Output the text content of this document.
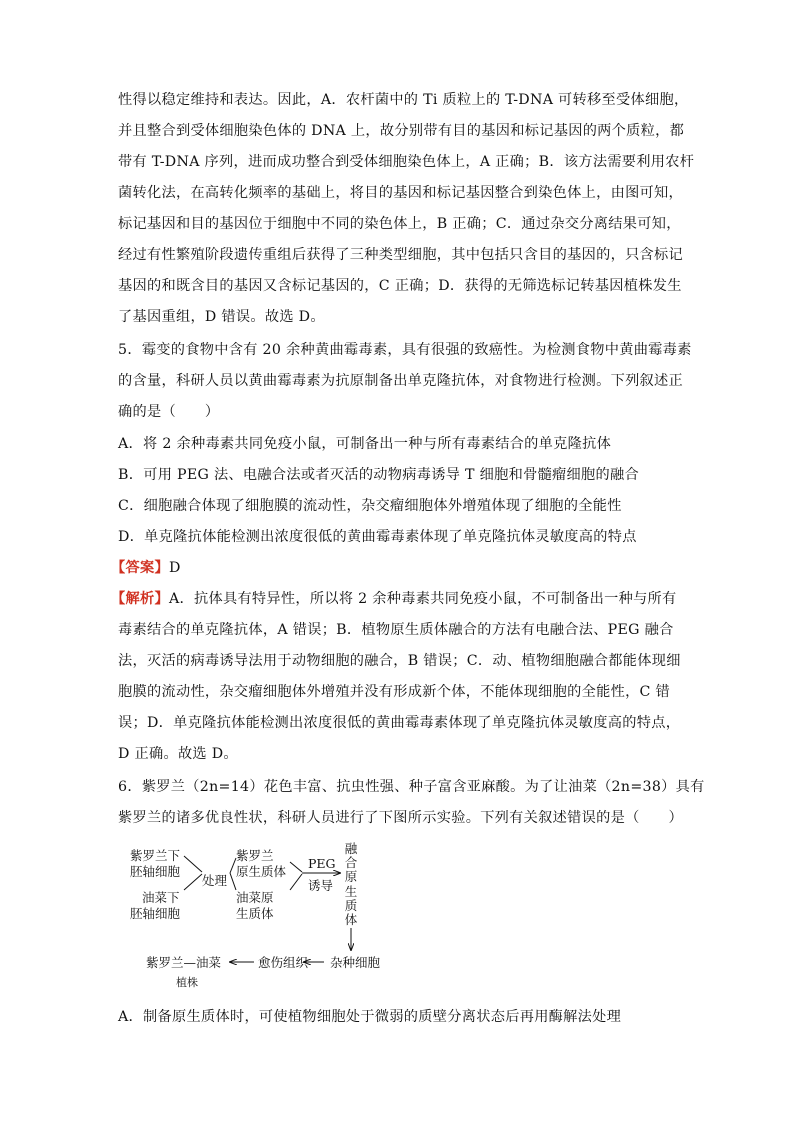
性得以稳定维持和表达。因此，A．农杆菌中的 Ti 质粒上的 T-DNA 可转移至受体细胞，
并且整合到受体细胞染色体的 DNA 上，故分别带有目的基因和标记基因的两个质粒，都
带有 T-DNA 序列，进而成功整合到受体细胞染色体上，A 正确；B．该方法需要利用农杆
菌转化法，在高转化频率的基础上，将目的基因和标记基因整合到染色体上，由图可知，
标记基因和目的基因位于细胞中不同的染色体上，B 正确；C．通过杂交分离结果可知，
经过有性繁殖阶段遗传重组后获得了三种类型细胞，其中包括只含目的基因的，只含标记
基因的和既含目的基因又含标记基因的，C 正确；D．获得的无筛选标记转基因植株发生
了基因重组，D 错误。故选 D。
5．霉变的食物中含有 20 余种黄曲霉毒素，具有很强的致癌性。为检测食物中黄曲霉毒素
的含量，科研人员以黄曲霉毒素为抗原制备出单克隆抗体，对食物进行检测。下列叙述正
确的是（　　）
A．将 2 余种毒素共同免疫小鼠，可制备出一种与所有毒素结合的单克隆抗体
B．可用 PEG 法、电融合法或者灭活的动物病毒诱导 T 细胞和骨髓瘤细胞的融合
C．细胞融合体现了细胞膜的流动性，杂交瘤细胞体外增殖体现了细胞的全能性
D．单克隆抗体能检测出浓度很低的黄曲霉毒素体现了单克隆抗体灵敏度高的特点
【答案】D
【解析】A．抗体具有特异性，所以将 2 余种毒素共同免疫小鼠，不可制备出一种与所有
毒素结合的单克隆抗体，A 错误；B．植物原生质体融合的方法有电融合法、PEG 融合
法，灭活的病毒诱导法用于动物细胞的融合，B 错误；C．动、植物细胞融合都能体现细
胞膜的流动性，杂交瘤细胞体外增殖并没有形成新个体，不能体现细胞的全能性，C 错
误；D．单克隆抗体能检测出浓度很低的黄曲霉毒素体现了单克隆抗体灵敏度高的特点，
D 正确。故选 D。
6．紫罗兰（2n=14）花色丰富、抗虫性强、种子富含亚麻酸。为了让油菜（2n=38）具有
紫罗兰的诸多优良性状，科研人员进行了下图所示实验。下列有关叙述错误的是（　　）
紫罗兰下
胚轴细胞
油菜下
胚轴细胞
处理
紫罗兰
原生质体
油菜原
生质体
PEG
诱导
融
合
原
生
质
体
杂种细胞
愈伤组织
紫罗兰—油菜
植株
A．制备原生质体时，可使植物细胞处于微弱的质壁分离状态后再用酶解法处理
